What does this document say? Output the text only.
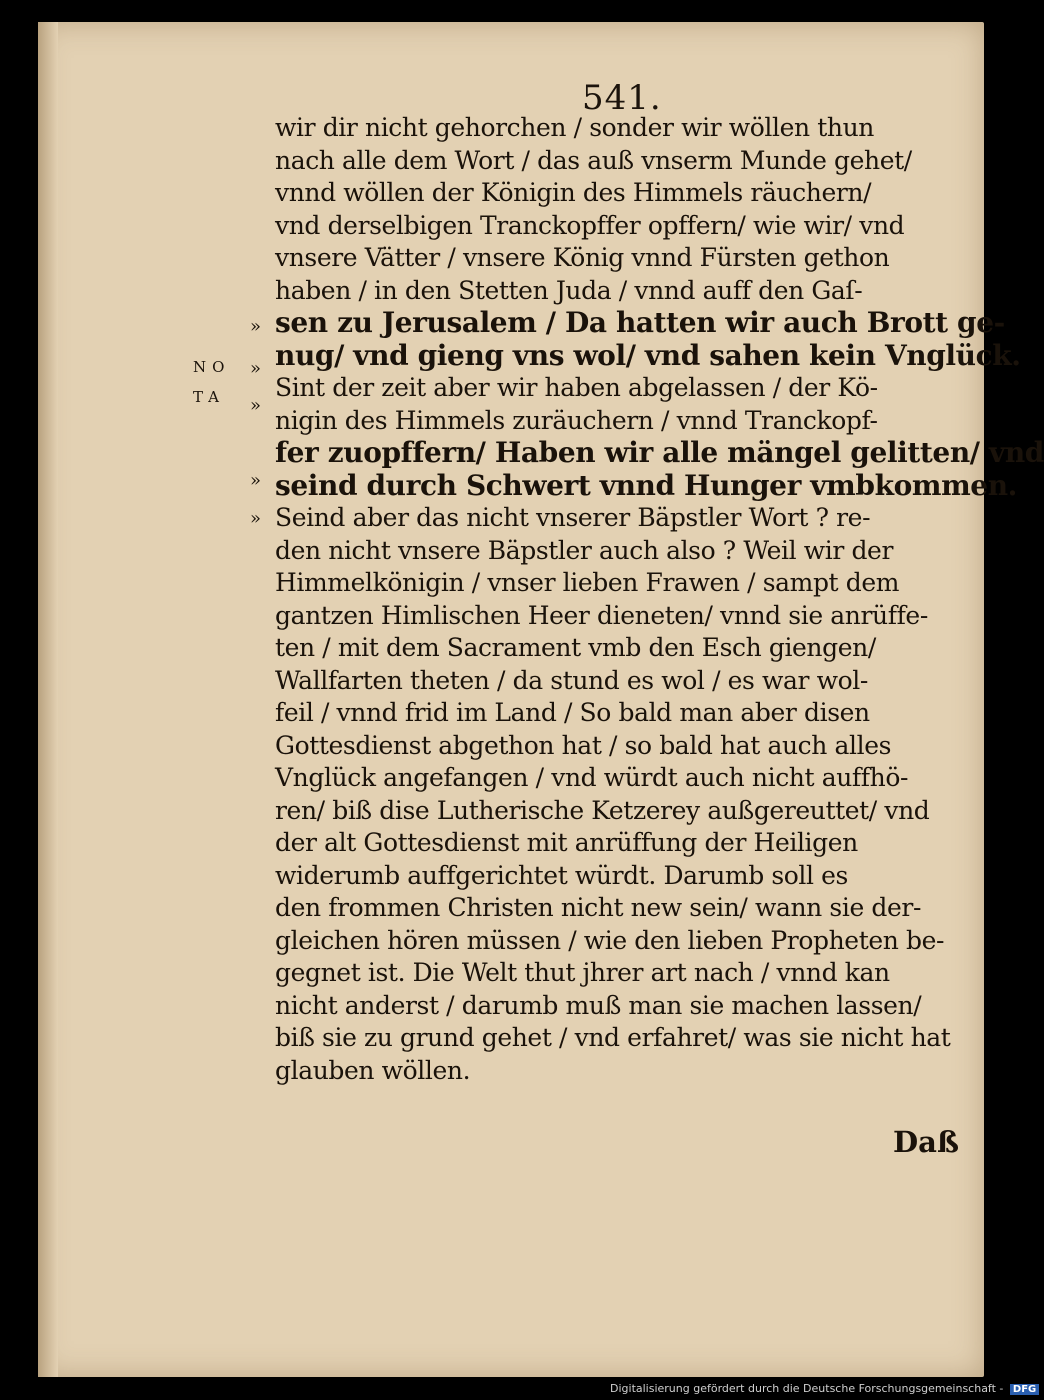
541.
NO
TA
»
»
»
»
»
wir dir nicht gehorchen / sonder wir wöllen thun
nach alle dem Wort / das auß vnserm Munde gehet/
vnnd wöllen der Königin des Himmels räuchern/
vnd derselbigen Tranckopffer opffern/ wie wir/ vnd
vnsere Vätter / vnsere König vnnd Fürsten gethon
haben / in den Stetten Juda / vnnd auff den Gaſ-
sen zu Jerusalem / Da hatten wir auch Brott ge-
nug/ vnd gieng vns wol/ vnd sahen kein Vnglück.
Sint der zeit aber wir haben abgelassen / der Kö-
nigin des Himmels zuräuchern / vnnd Tranckopf-
fer zuopffern/ Haben wir alle mängel gelitten/ vnd
seind durch Schwert vnnd Hunger vmbkommen.
Seind aber das nicht vnserer Bäpstler Wort ? re-
den nicht vnsere Bäpstler auch also ? Weil wir der
Himmelkönigin / vnser lieben Frawen / sampt dem
gantzen Himlischen Heer dieneten/ vnnd sie anrüffe-
ten / mit dem Sacrament vmb den Esch giengen/
Wallfarten theten / da stund es wol / es war wol-
feil / vnnd frid im Land / So bald man aber disen
Gottesdienst abgethon hat / so bald hat auch alles
Vnglück angefangen / vnd würdt auch nicht auffhö-
ren/ biß dise Lutherische Ketzerey außgereuttet/ vnd
der alt Gottesdienst mit anrüffung der Heiligen
widerumb auffgerichtet würdt. Darumb soll es
den frommen Christen nicht new sein/ wann sie der-
gleichen hören müssen / wie den lieben Propheten be-
gegnet ist. Die Welt thut jhrer art nach / vnnd kan
nicht anderst / darumb muß man sie machen lassen/
biß sie zu grund gehet / vnd erfahret/ was sie nicht hat
glauben wöllen.
Daß
Digitalisierung gefördert durch die Deutsche Forschungsgemeinschaft - DFG
